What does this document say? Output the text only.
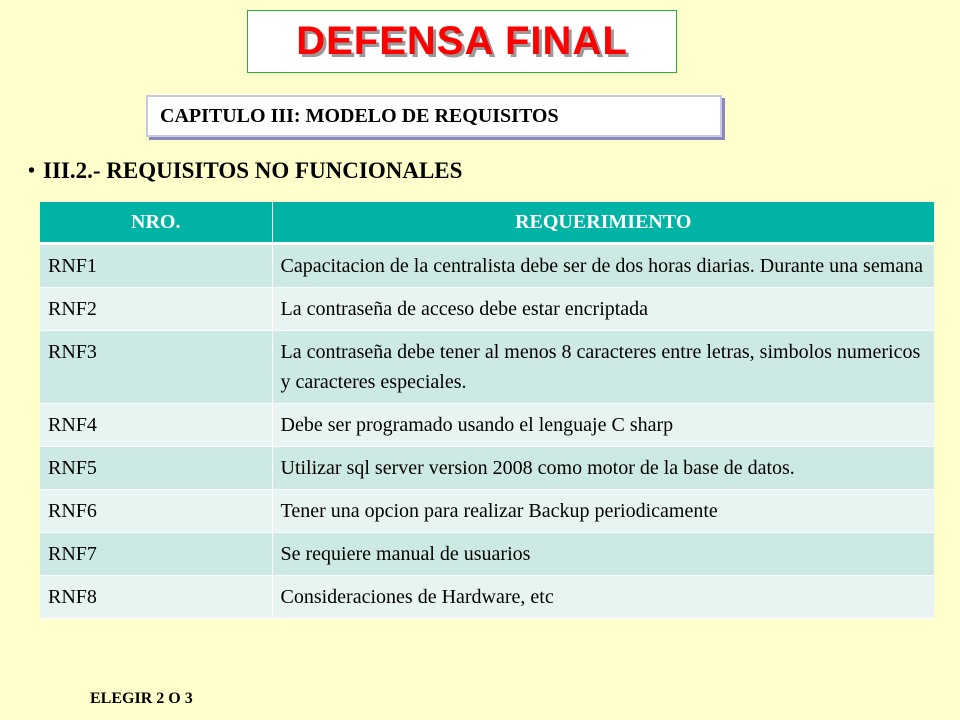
DEFENSA FINAL
CAPITULO III: MODELO DE REQUISITOS
• III.2.- REQUISITOS NO FUNCIONALES
NRO.	REQUERIMIENTO
RNF1	Capacitacion de la centralista debe ser de dos horas diarias. Durante una semana
RNF2	La contraseña de acceso debe estar encriptada
RNF3	La contraseña debe tener al menos 8 caracteres entre letras, simbolos numericos y caracteres especiales.
RNF4	Debe ser programado usando el lenguaje C sharp
RNF5	Utilizar sql server version 2008 como motor de la base de datos.
RNF6	Tener una opcion para realizar Backup periodicamente
RNF7	Se requiere manual de usuarios
RNF8	Consideraciones de Hardware, etc
ELEGIR 2 O 3
